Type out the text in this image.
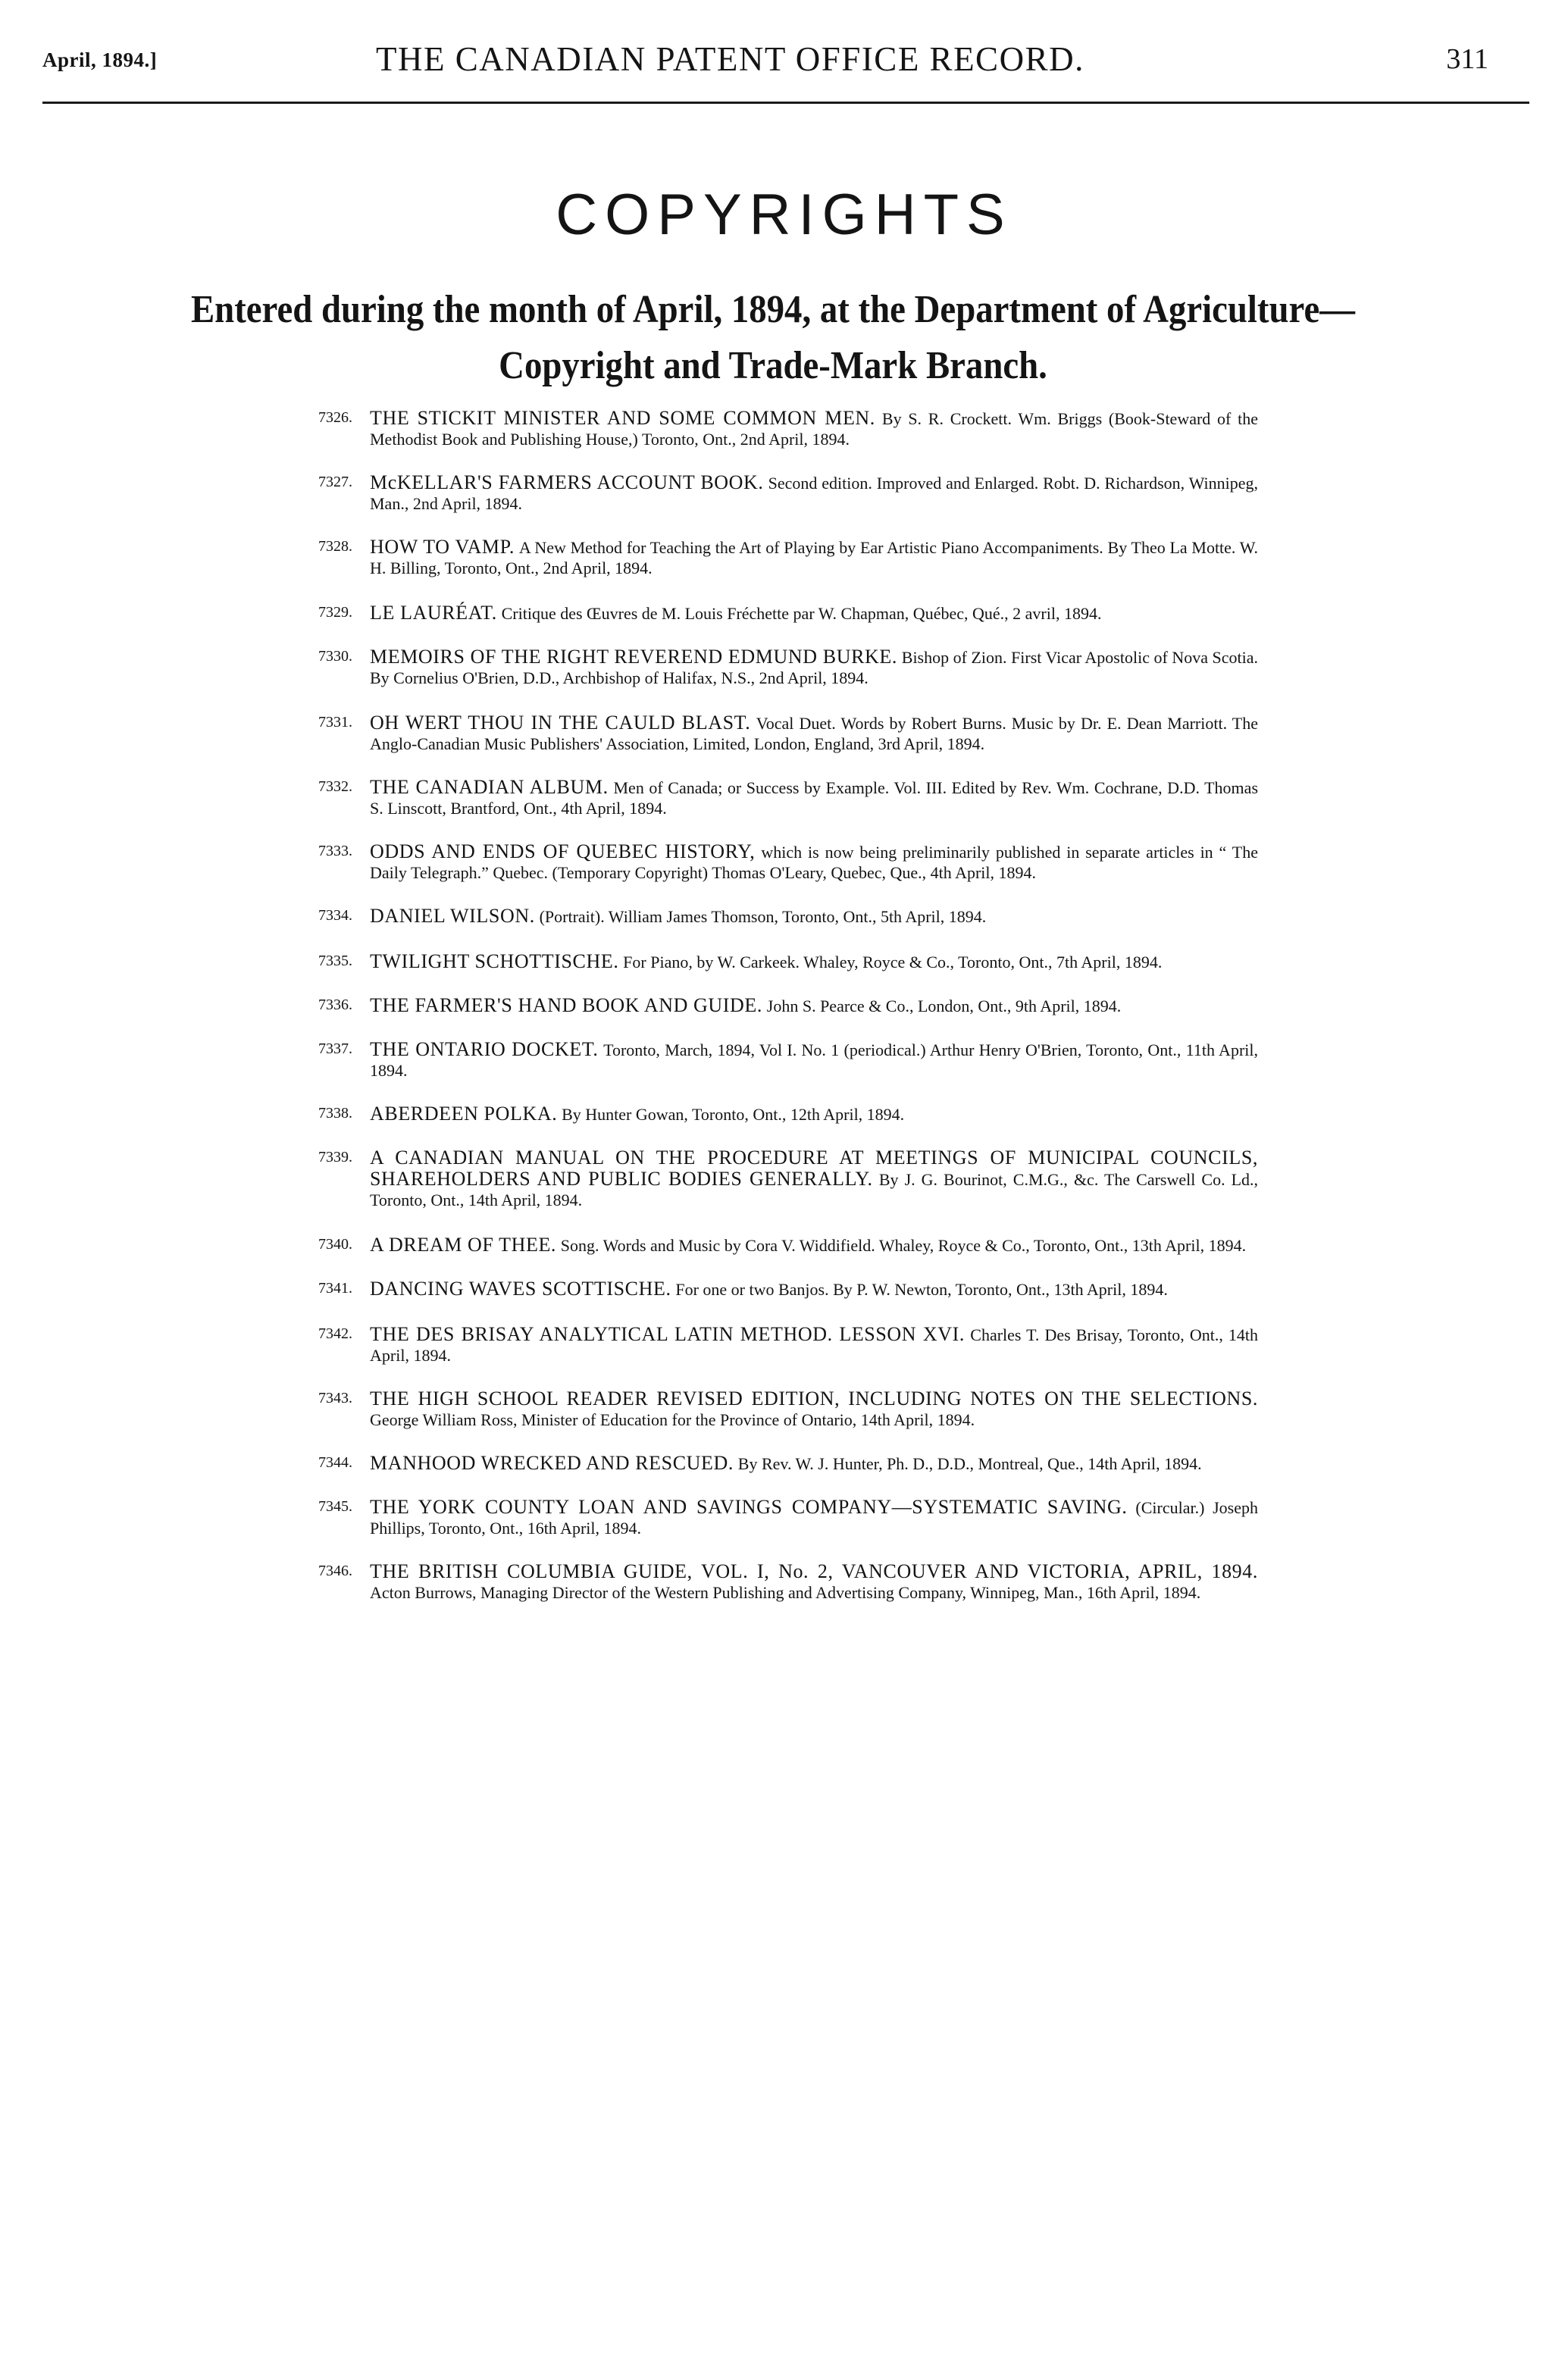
April, 1894.]	THE CANADIAN PATENT OFFICE RECORD.	311
COPYRIGHTS
Entered during the month of April, 1894, at the Department of Agriculture—
Copyright and Trade-Mark Branch.
7326. THE STICKIT MINISTER AND SOME COMMON MEN. By S. R. Crockett. Wm. Briggs (Book-Steward of the Methodist Book and Publishing House,) Toronto, Ont., 2nd April, 1894.
7327. McKELLAR'S FARMERS ACCOUNT BOOK. Second edition. Improved and Enlarged. Robt. D. Richardson, Winnipeg, Man., 2nd April, 1894.
7328. HOW TO VAMP. A New Method for Teaching the Art of Playing by Ear Artistic Piano Accompaniments. By Theo La Motte. W. H. Billing, Toronto, Ont., 2nd April, 1894.
7329. LE LAURÉAT. Critique des Œuvres de M. Louis Fréchette par W. Chapman, Québec, Qué., 2 avril, 1894.
7330. MEMOIRS OF THE RIGHT REVEREND EDMUND BURKE. Bishop of Zion. First Vicar Apostolic of Nova Scotia. By Cornelius O'Brien, D.D., Archbishop of Halifax, N.S., 2nd April, 1894.
7331. OH WERT THOU IN THE CAULD BLAST. Vocal Duet. Words by Robert Burns. Music by Dr. E. Dean Marriott. The Anglo-Canadian Music Publishers' Association, Limited, London, England, 3rd April, 1894.
7332. THE CANADIAN ALBUM. Men of Canada; or Success by Example. Vol. III. Edited by Rev. Wm. Cochrane, D.D. Thomas S. Linscott, Brantford, Ont., 4th April, 1894.
7333. ODDS AND ENDS OF QUEBEC HISTORY, which is now being preliminarily published in separate articles in “ The Daily Telegraph.” Quebec. (Temporary Copyright) Thomas O'Leary, Quebec, Que., 4th April, 1894.
7334. DANIEL WILSON. (Portrait). William James Thomson, Toronto, Ont., 5th April, 1894.
7335. TWILIGHT SCHOTTISCHE. For Piano, by W. Carkeek. Whaley, Royce & Co., Toronto, Ont., 7th April, 1894.
7336. THE FARMER'S HAND BOOK AND GUIDE. John S. Pearce & Co., London, Ont., 9th April, 1894.
7337. THE ONTARIO DOCKET. Toronto, March, 1894, Vol I. No. 1 (periodical.) Arthur Henry O'Brien, Toronto, Ont., 11th April, 1894.
7338. ABERDEEN POLKA. By Hunter Gowan, Toronto, Ont., 12th April, 1894.
7339. A CANADIAN MANUAL ON THE PROCEDURE AT MEETINGS OF MUNICIPAL COUNCILS, SHAREHOLDERS AND PUBLIC BODIES GENERALLY. By J. G. Bourinot, C.M.G., &c. The Carswell Co. Ld., Toronto, Ont., 14th April, 1894.
7340. A DREAM OF THEE. Song. Words and Music by Cora V. Widdifield. Whaley, Royce & Co., Toronto, Ont., 13th April, 1894.
7341. DANCING WAVES SCOTTISCHE. For one or two Banjos. By P. W. Newton, Toronto, Ont., 13th April, 1894.
7342. THE DES BRISAY ANALYTICAL LATIN METHOD. LESSON XVI. Charles T. Des Brisay, Toronto, Ont., 14th April, 1894.
7343. THE HIGH SCHOOL READER REVISED EDITION, INCLUDING NOTES ON THE SELECTIONS. George William Ross, Minister of Education for the Province of Ontario, 14th April, 1894.
7344. MANHOOD WRECKED AND RESCUED. By Rev. W. J. Hunter, Ph. D., D.D., Montreal, Que., 14th April, 1894.
7345. THE YORK COUNTY LOAN AND SAVINGS COMPANY—SYSTEMATIC SAVING. (Circular.) Joseph Phillips, Toronto, Ont., 16th April, 1894.
7346. THE BRITISH COLUMBIA GUIDE, VOL. I, No. 2, VANCOUVER AND VICTORIA, APRIL, 1894. Acton Burrows, Managing Director of the Western Publishing and Advertising Company, Winnipeg, Man., 16th April, 1894.
